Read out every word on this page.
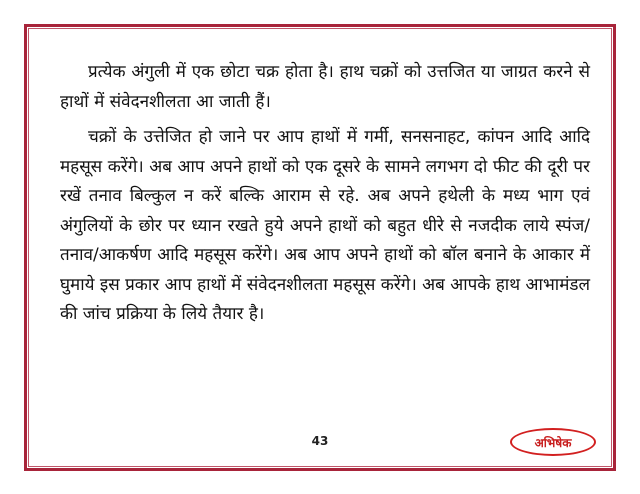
प्रत्येक अंगुली में एक छोटा चक्र होता है। हाथ चक्रों को उत्तजित या जाग्रत करने से हाथों में संवेदनशीलता आ जाती हैं।

चक्रों के उत्तेजित हो जाने पर आप हाथों में गर्मी, सनसनाहट, कांपन आदि आदि महसूस करेंगे। अब आप अपने हाथों को एक दूसरे के सामने लगभग दो फीट की दूरी पर रखें तनाव बिल्कुल न करें बल्कि आराम से रहे. अब अपने हथेली के मध्य भाग एवं अंगुलियों के छोर पर ध्यान रखते हुये अपने हाथों को बहुत धीरे से नजदीक लाये स्पंज/तनाव/आकर्षण आदि महसूस करेंगे। अब आप अपने हाथों को बॉल बनाने के आकार में घुमाये इस प्रकार आप हाथों में संवेदनशीलता महसूस करेंगे। अब आपके हाथ आभामंडल की जांच प्रक्रिया के लिये तैयार है।

43	अभिषेक
